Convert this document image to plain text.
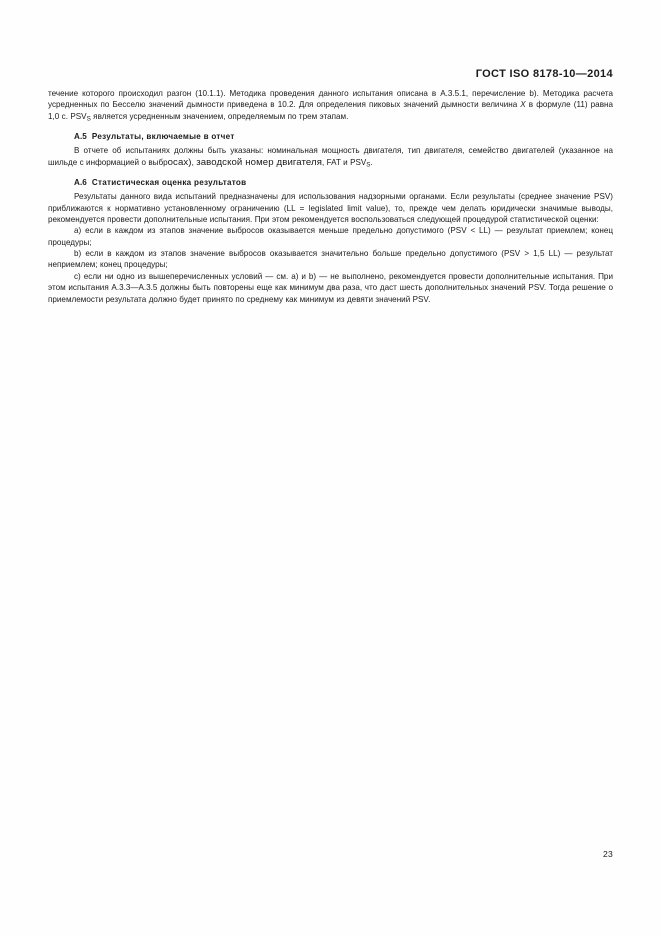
ГОСТ ISO 8178-10—2014

течение которого происходил разгон (10.1.1). Методика проведения данного испытания описана в А.3.5.1, перечисление b). Методика расчета усредненных по Бесселю значений дымности приведена в 10.2. Для определения пиковых значений дымности величина X в формуле (11) равна 1,0 с. $PSV_S$ является усредненным значением, определяемым по трем этапам.

А.5 Результаты, включаемые в отчет

В отчете об испытаниях должны быть указаны: номинальная мощность двигателя, тип двигателя, семейство двигателей (указанное на шильде с информацией о выбросах), заводской номер двигателя, FAT и $PSV_S$.

А.6 Статистическая оценка результатов

Результаты данного вида испытаний предназначены для использования надзорными органами. Если результаты (среднее значение PSV) приближаются к нормативно установленному ограничению (LL = legislated limit value), то, прежде чем делать юридически значимые выводы, рекомендуется провести дополнительные испытания. При этом рекомендуется воспользоваться следующей процедурой статистической оценки:

a) если в каждом из этапов значение выбросов оказывается меньше предельно допустимого (PSV < LL) — результат приемлем; конец процедуры;

b) если в каждом из этапов значение выбросов оказывается значительно больше предельно допустимого (PSV > 1,5 LL) — результат неприемлем; конец процедуры;

c) если ни одно из вышеперечисленных условий — см. a) и b) — не выполнено, рекомендуется провести дополнительные испытания. При этом испытания А.3.3—А.3.5 должны быть повторены еще как минимум два раза, что даст шесть дополнительных значений PSV. Тогда решение о приемлемости результата должно будет принято по среднему как минимум из девяти значений PSV.

23
